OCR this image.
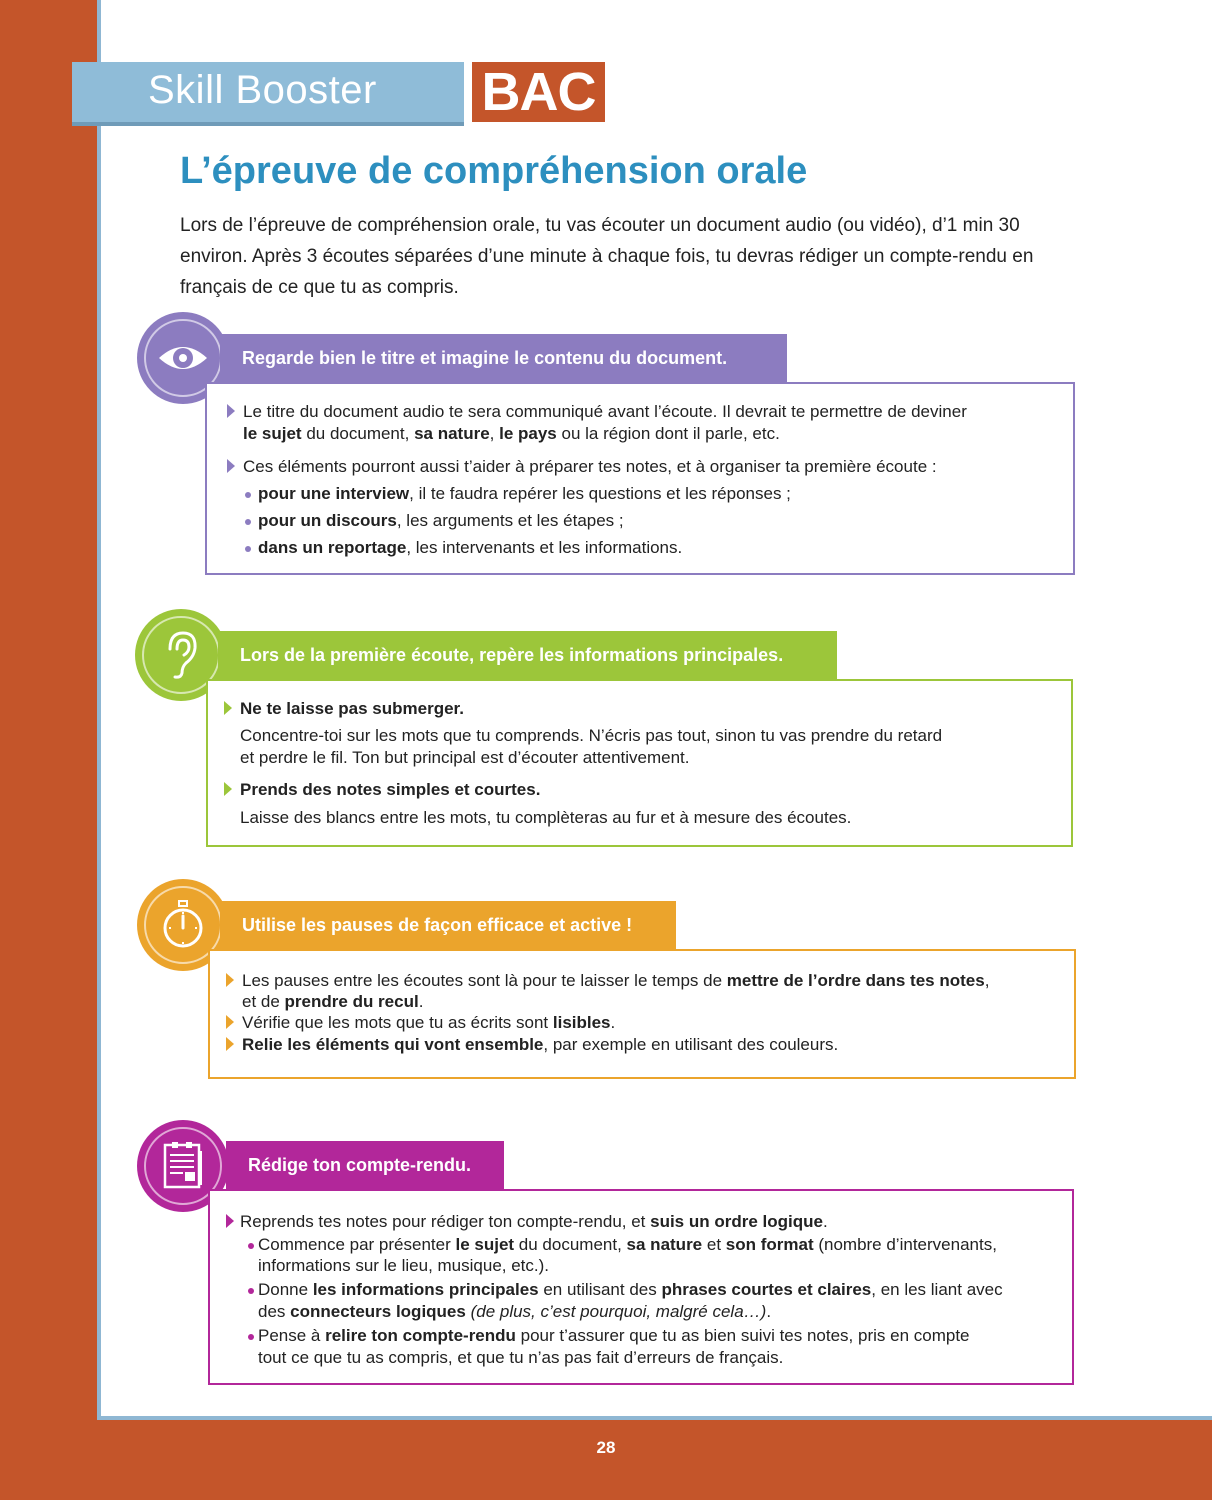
Skill Booster BAC
L’épreuve de compréhension orale
Lors de l’épreuve de compréhension orale, tu vas écouter un document audio (ou vidéo), d’1 min 30 environ. Après 3 écoutes séparées d’une minute à chaque fois, tu devras rédiger un compte-rendu en français de ce que tu as compris.
Regarde bien le titre et imagine le contenu du document.
Le titre du document audio te sera communiqué avant l’écoute. Il devrait te permettre de deviner
le sujet du document, sa nature, le pays ou la région dont il parle, etc.
Ces éléments pourront aussi t’aider à préparer tes notes, et à organiser ta première écoute :
pour une interview, il te faudra repérer les questions et les réponses ;
pour un discours, les arguments et les étapes ;
dans un reportage, les intervenants et les informations.
Lors de la première écoute, repère les informations principales.
Ne te laisse pas submerger.
Concentre-toi sur les mots que tu comprends. N’écris pas tout, sinon tu vas prendre du retard
et perdre le fil. Ton but principal est d’écouter attentivement.
Prends des notes simples et courtes.
Laisse des blancs entre les mots, tu complèteras au fur et à mesure des écoutes.
Utilise les pauses de façon efficace et active !
Les pauses entre les écoutes sont là pour te laisser le temps de mettre de l’ordre dans tes notes,
et de prendre du recul.
Vérifie que les mots que tu as écrits sont lisibles.
Relie les éléments qui vont ensemble, par exemple en utilisant des couleurs.
Rédige ton compte-rendu.
Reprends tes notes pour rédiger ton compte-rendu, et suis un ordre logique.
Commence par présenter le sujet du document, sa nature et son format (nombre d’intervenants,
informations sur le lieu, musique, etc.).
Donne les informations principales en utilisant des phrases courtes et claires, en les liant avec
des connecteurs logiques (de plus, c’est pourquoi, malgré cela…).
Pense à relire ton compte-rendu pour t’assurer que tu as bien suivi tes notes, pris en compte
tout ce que tu as compris, et que tu n’as pas fait d’erreurs de français.
28
